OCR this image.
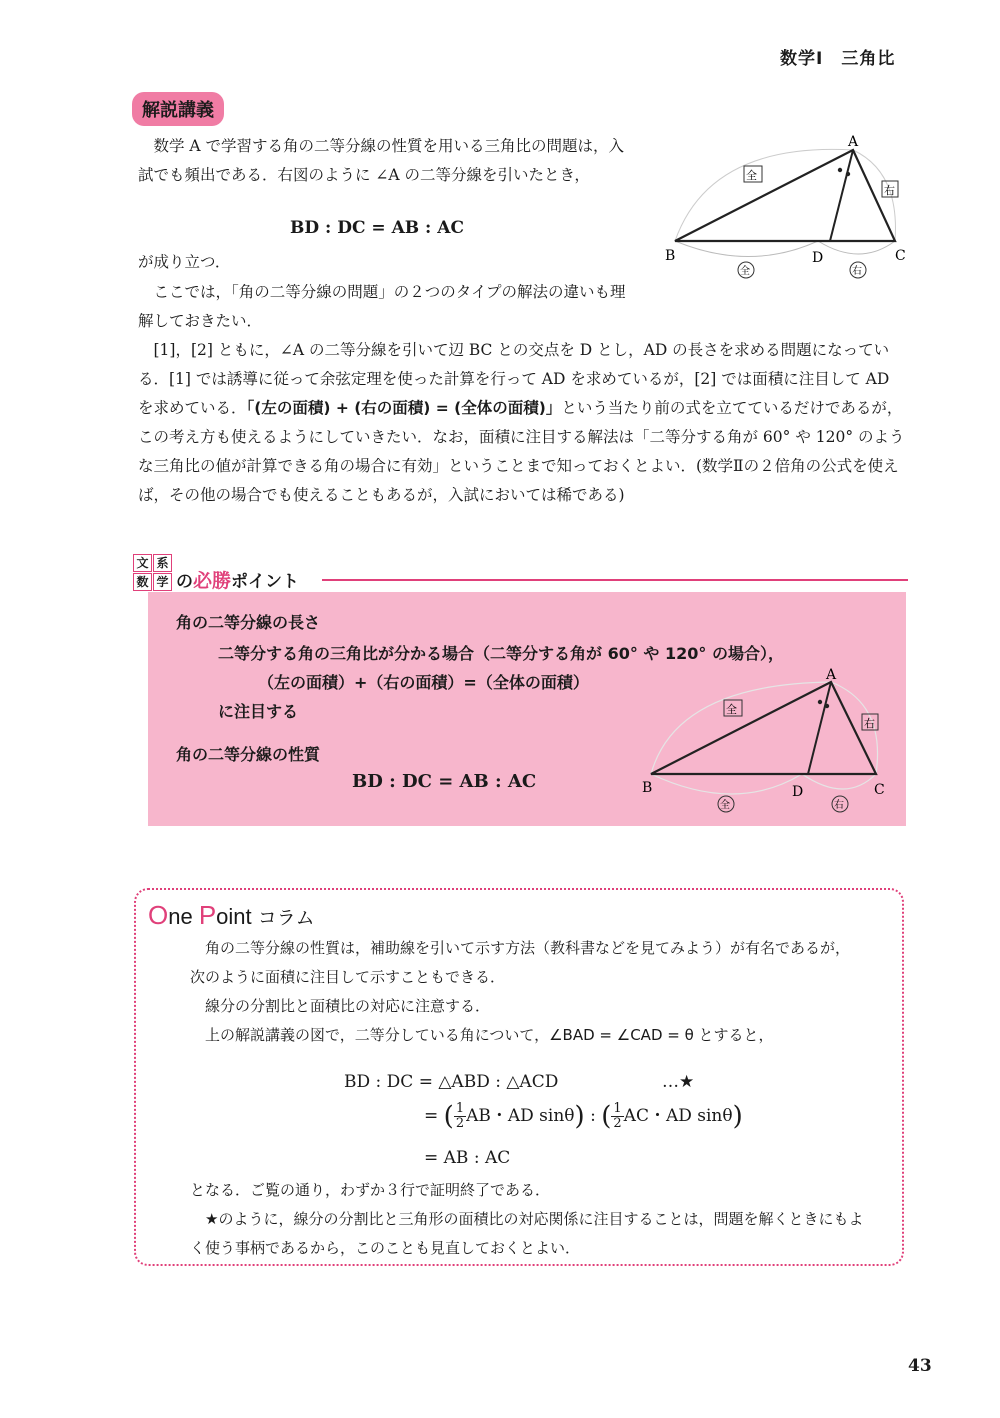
数学Ⅰ　三角比
解説講義
数学 A で学習する角の二等分線の性質を用いる三角比の問題は，入試でも頻出である．右図のように ∠A の二等分線を引いたとき，
BD : DC = AB : AC
が成り立つ．
ここでは，「角の二等分線の問題」の２つのタイプの解法の違いも理解しておきたい．
[1]，[2] ともに，∠A の二等分線を引いて辺 BC との交点を D とし，AD の長さを求める問題になっている．[1] では誘導に従って余弦定理を使った計算を行って AD を求めているが，[2] では面積に注目して AD を求めている．「(左の面積) + (右の面積) = (全体の面積)」という当たり前の式を立てているだけであるが，この考え方も使えるようにしていきたい．なお，面積に注目する解法は「二等分する角が 60° や 120° のような三角比の値が計算できる角の場合に有効」ということまで知っておくとよい．(数学Ⅱの２倍角の公式を使えば，その他の場合でも使えることもあるが，入試においては稀である)
A
B	D	C
全
右
全	右
文 系
数 学 の必勝ポイント
角の二等分線の長さ
二等分する角の三角比が分かる場合（二等分する角が 60° や 120° の場合），
（左の面積）+（右の面積）=（全体の面積）
に注目する
角の二等分線の性質
BD : DC = AB : AC
A
B	D	C
全
右
全	右
One Point コラム
角の二等分線の性質は，補助線を引いて示す方法（教科書などを見てみよう）が有名であるが，次のように面積に注目して示すこともできる．
線分の分割比と面積比の対応に注意する．
上の解説講義の図で，二等分している角について，∠BAD = ∠CAD = θ とすると，
BD : DC = △ABD : △ACD	…★
= ( $\frac{1}{2}$ AB・AD sinθ) : ( $\frac{1}{2}$ AC・AD sinθ)
= AB : AC
となる．ご覧の通り，わずか３行で証明終了である．
★のように，線分の分割比と三角形の面積比の対応関係に注目することは，問題を解くときにもよく使う事柄であるから，このことも見直しておくとよい．
43
